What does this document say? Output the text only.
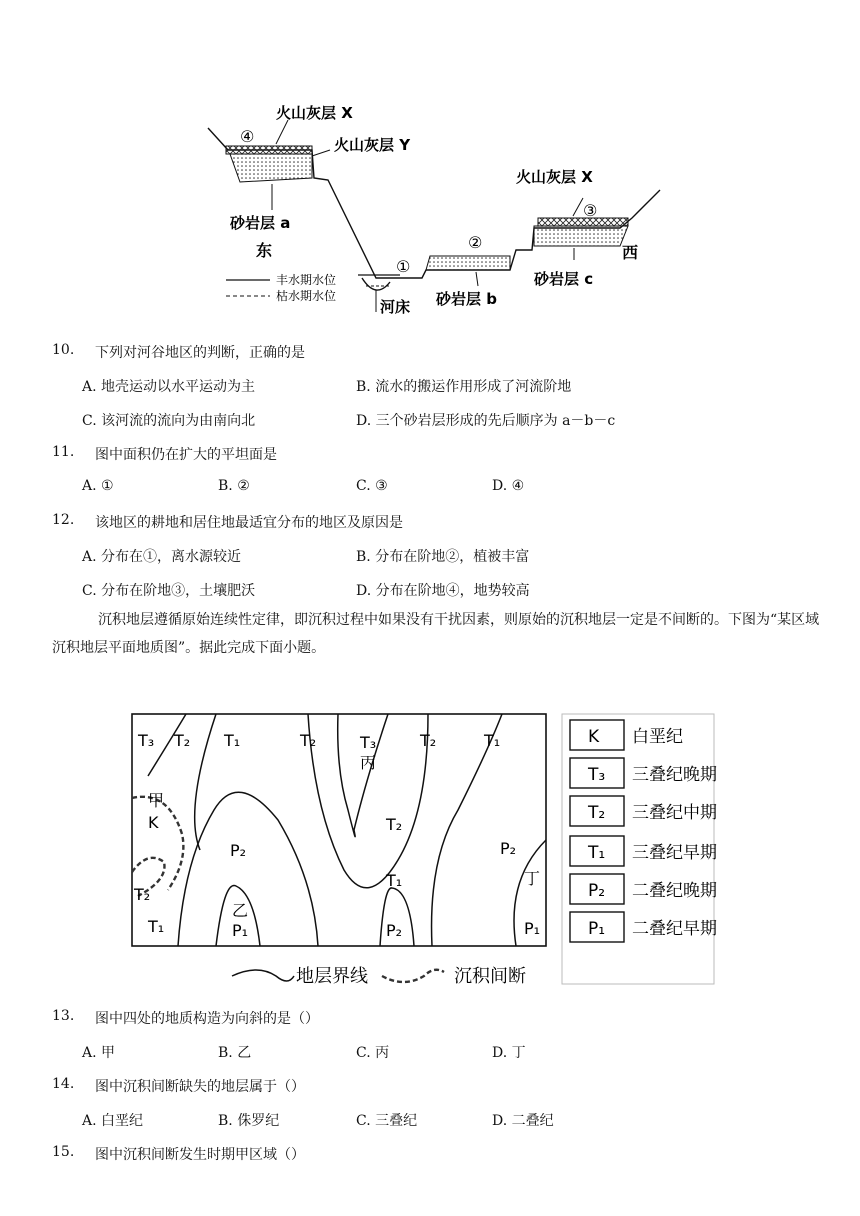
火山灰层 X
④	火山灰层 Y
砂岩层 a
东
火山灰层 X
③
②
①
西
砂岩层 c
砂岩层 b
河床
丰水期水位
枯水期水位
10. 下列对河谷地区的判断，正确的是
A. 地壳运动以水平运动为主	B. 流水的搬运作用形成了河流阶地
C. 该河流的流向为由南向北	D. 三个砂岩层形成的先后顺序为 a－b－c
11. 图中面积仍在扩大的平坦面是
A. ①	B. ②	C. ③	D. ④
12. 该地区的耕地和居住地最适宜分布的地区及原因是
A. 分布在①，离水源较近	B. 分布在阶地②，植被丰富
C. 分布在阶地③，土壤肥沃	D. 分布在阶地④，地势较高
沉积地层遵循原始连续性定律，即沉积过程中如果没有干扰因素，则原始的沉积地层一定是不间断的。下图为“某区域沉积地层平面地质图”。据此完成下面小题。
T₃ T₂ T₁	T₂	T₃
丙
T₂	T₁
甲
K	T₂
P₂	P₂
T₁
T₂
乙
丁
T₁	P₁	P₂	P₁
地层界线	沉积间断
K 白垩纪
T₃ 三叠纪晚期
T₂ 三叠纪中期
T₁ 三叠纪早期
P₂ 二叠纪晚期
P₁ 二叠纪早期
13. 图中四处的地质构造为向斜的是（）
A. 甲	B. 乙	C. 丙	D. 丁
14. 图中沉积间断缺失的地层属于（）
A. 白垩纪	B. 侏罗纪	C. 三叠纪	D. 二叠纪
15. 图中沉积间断发生时期甲区域（）
